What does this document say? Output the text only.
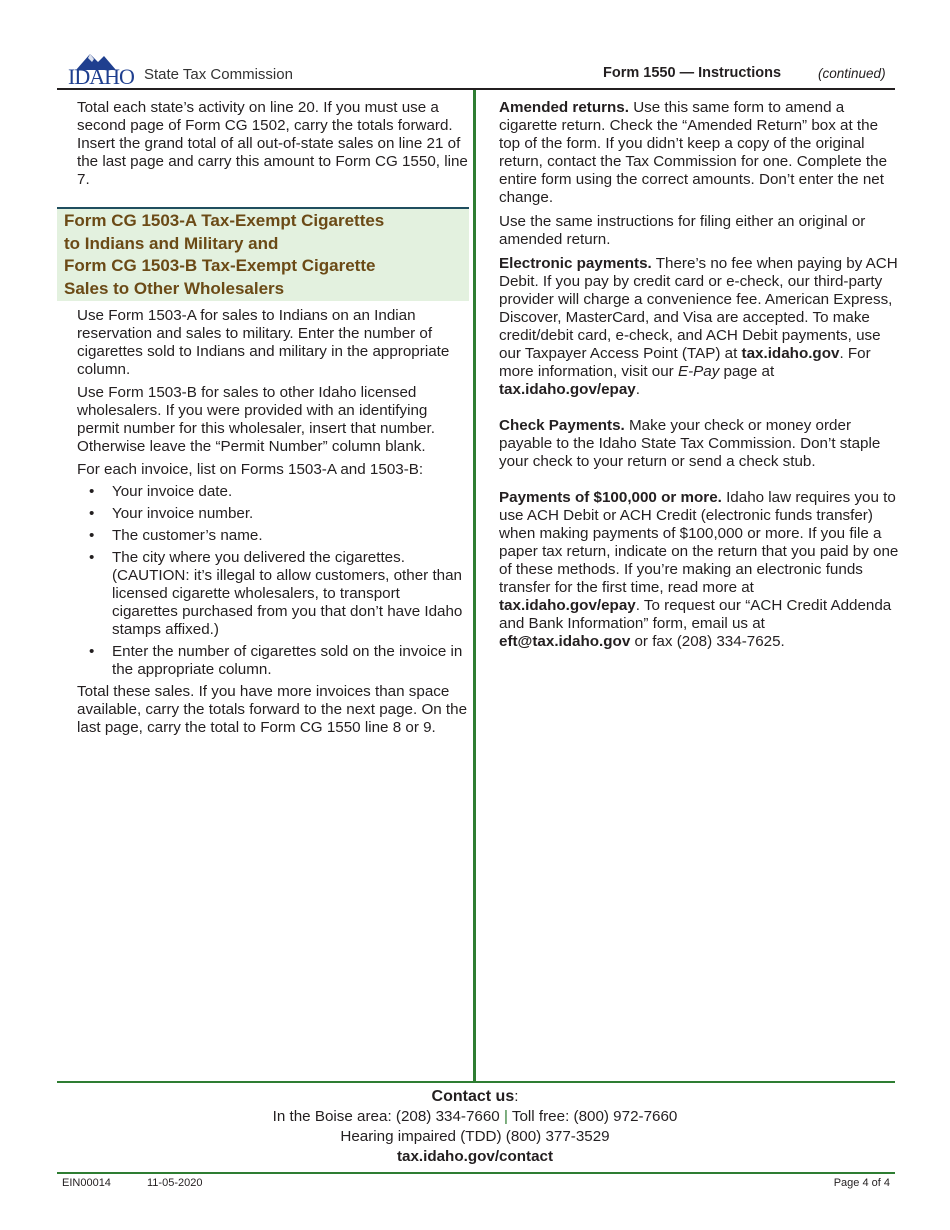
IDAHO State Tax Commission	Form 1550 — Instructions	(continued)

Total each state’s activity on line 20. If you must use a second page of Form CG 1502, carry the totals forward. Insert the grand total of all out-of-state sales on line 21 of the last page and carry this amount to Form CG 1550, line 7.

Form CG 1503-A Tax-Exempt Cigarettes
to Indians and Military and
Form CG 1503-B Tax-Exempt Cigarette
Sales to Other Wholesalers

Use Form 1503-A for sales to Indians on an Indian reservation and sales to military. Enter the number of cigarettes sold to Indians and military in the appropriate column.

Use Form 1503-B for sales to other Idaho licensed wholesalers. If you were provided with an identifying permit number for this wholesaler, insert that number. Otherwise leave the “Permit Number” column blank.

For each invoice, list on Forms 1503-A and 1503-B:

• Your invoice date.
• Your invoice number.
• The customer’s name.
• The city where you delivered the cigarettes. (CAUTION: it’s illegal to allow customers, other than licensed cigarette wholesalers, to transport cigarettes purchased from you that don’t have Idaho stamps affixed.)
• Enter the number of cigarettes sold on the invoice in the appropriate column.

Total these sales. If you have more invoices than space available, carry the totals forward to the next page. On the last page, carry the total to Form CG 1550 line 8 or 9.

Amended returns. Use this same form to amend a cigarette return. Check the “Amended Return” box at the top of the form. If you didn’t keep a copy of the original return, contact the Tax Commission for one. Complete the entire form using the correct amounts. Don’t enter the net change.

Use the same instructions for filing either an original or amended return.

Electronic payments. There’s no fee when paying by ACH Debit. If you pay by credit card or e-check, our third-party provider will charge a convenience fee. American Express, Discover, MasterCard, and Visa are accepted. To make credit/debit card, e-check, and ACH Debit payments, use our Taxpayer Access Point (TAP) at tax.idaho.gov. For more information, visit our E-Pay page at tax.idaho.gov/epay.

Check Payments. Make your check or money order payable to the Idaho State Tax Commission. Don’t staple your check to your return or send a check stub.

Payments of $100,000 or more. Idaho law requires you to use ACH Debit or ACH Credit (electronic funds transfer) when making payments of $100,000 or more. If you file a paper tax return, indicate on the return that you paid by one of these methods. If you’re making an electronic funds transfer for the first time, read more at tax.idaho.gov/epay. To request our “ACH Credit Addenda and Bank Information” form, email us at eft@tax.idaho.gov or fax (208) 334-7625.

Contact us:
In the Boise area: (208) 334-7660 | Toll free: (800) 972-7660
Hearing impaired (TDD) (800) 377-3529
tax.idaho.gov/contact
EIN00014	11-05-2020	Page 4 of 4
